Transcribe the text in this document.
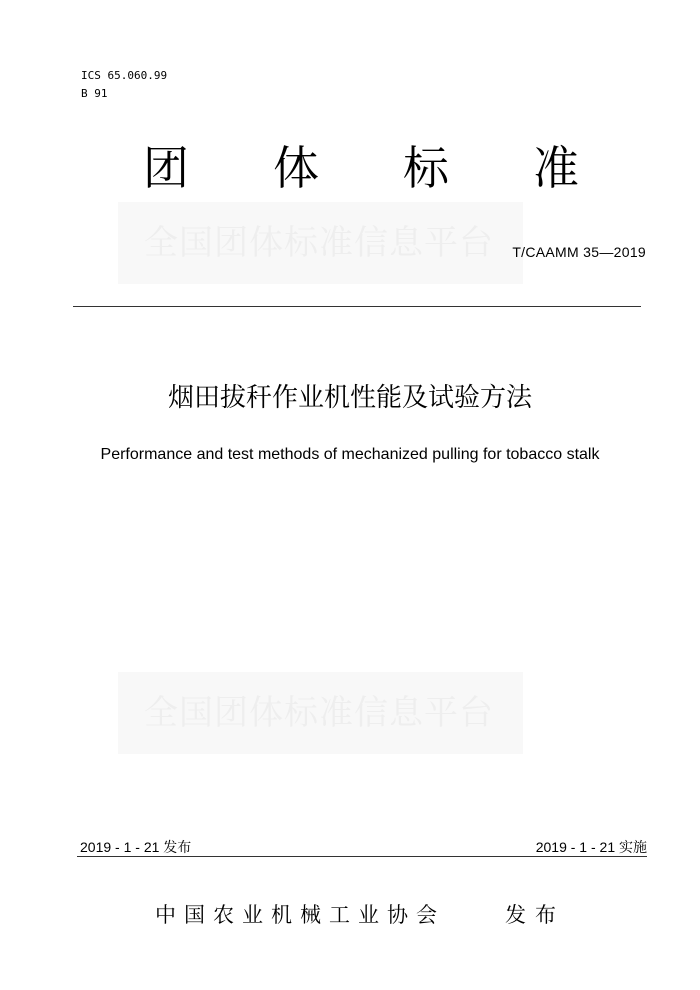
ICS 65.060.99
B 91
团 体 标 准
全国团体标准信息平台 T/CAAMM 35—2019
烟田拔秆作业机性能及试验方法
Performance and test methods of mechanized pulling for tobacco stalk
全国团体标准信息平台
2019 - 1 - 21 发布	2019 - 1 - 21 实施
中国农业机械工业协会	发布
